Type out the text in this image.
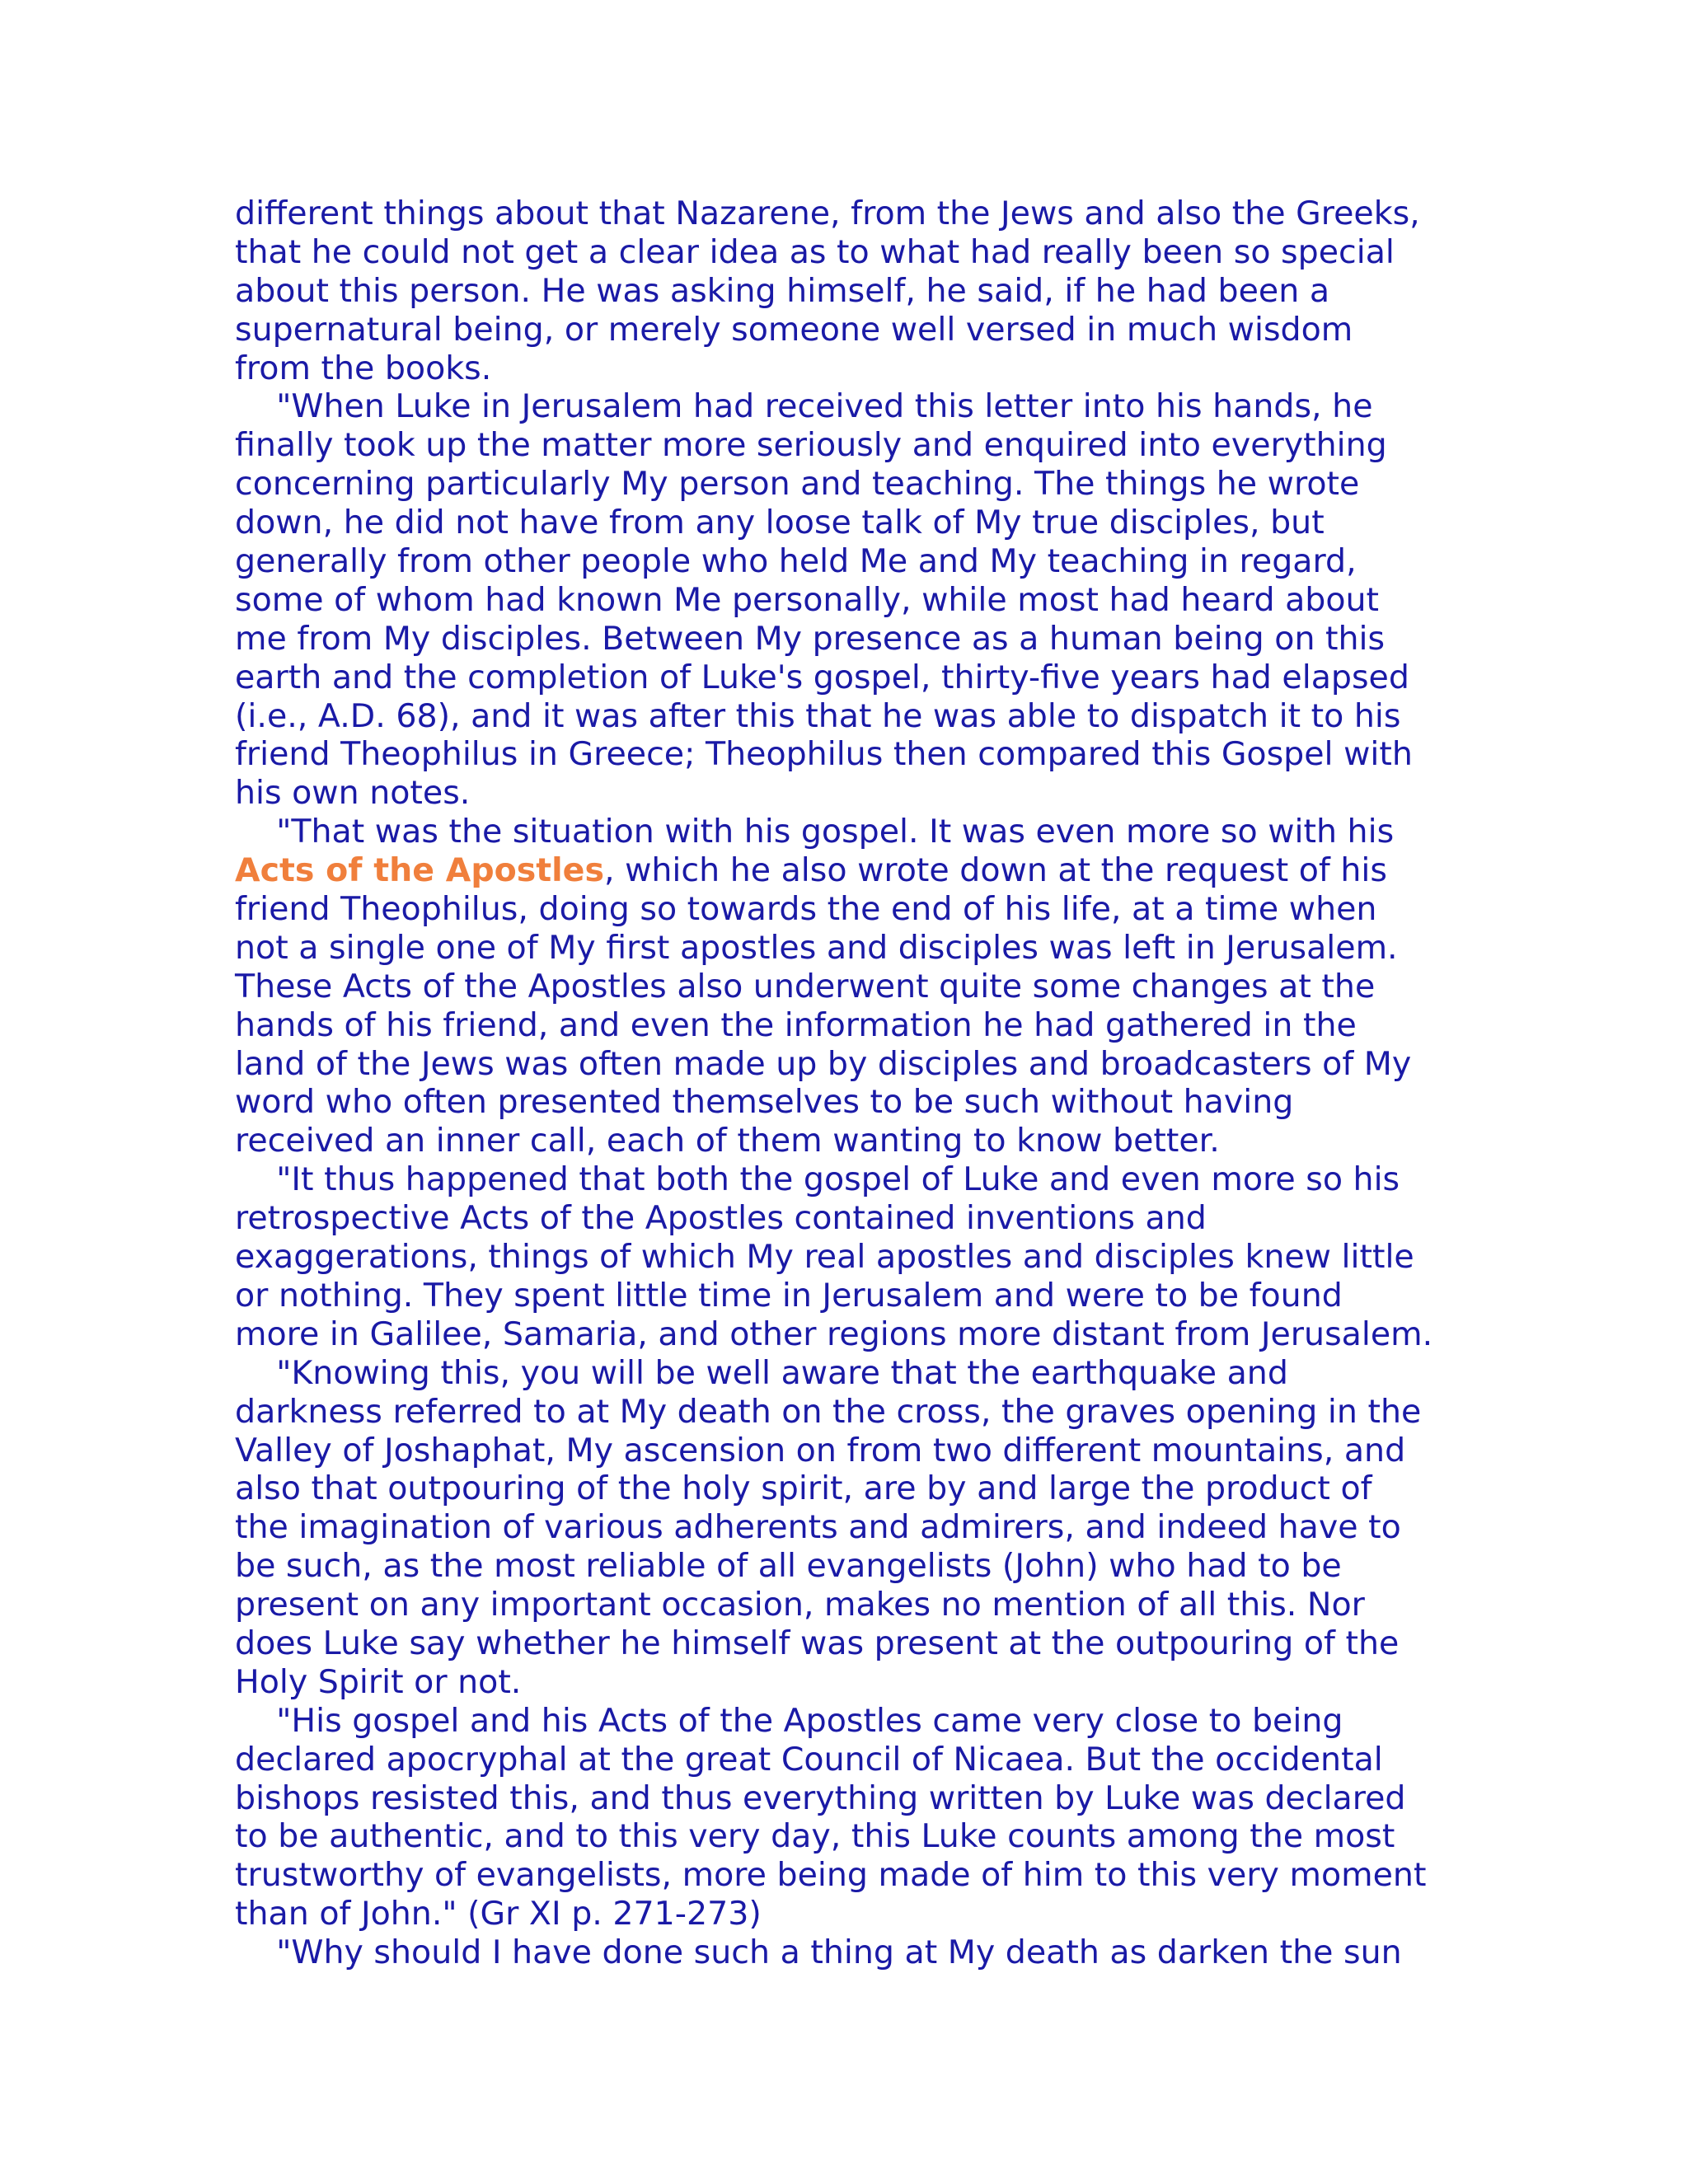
different things about that Nazarene, from the Jews and also the Greeks,
that he could not get a clear idea as to what had really been so special
about this person. He was asking himself, he said, if he had been a
supernatural being, or merely someone well versed in much wisdom
from the books.
"When Luke in Jerusalem had received this letter into his hands, he
finally took up the matter more seriously and enquired into everything
concerning particularly My person and teaching. The things he wrote
down, he did not have from any loose talk of My true disciples, but
generally from other people who held Me and My teaching in regard,
some of whom had known Me personally, while most had heard about
me from My disciples. Between My presence as a human being on this
earth and the completion of Luke's gospel, thirty-five years had elapsed
(i.e., A.D. 68), and it was after this that he was able to dispatch it to his
friend Theophilus in Greece; Theophilus then compared this Gospel with
his own notes.
"That was the situation with his gospel. It was even more so with his
Acts of the Apostles, which he also wrote down at the request of his
friend Theophilus, doing so towards the end of his life, at a time when
not a single one of My first apostles and disciples was left in Jerusalem.
These Acts of the Apostles also underwent quite some changes at the
hands of his friend, and even the information he had gathered in the
land of the Jews was often made up by disciples and broadcasters of My
word who often presented themselves to be such without having
received an inner call, each of them wanting to know better.
"It thus happened that both the gospel of Luke and even more so his
retrospective Acts of the Apostles contained inventions and
exaggerations, things of which My real apostles and disciples knew little
or nothing. They spent little time in Jerusalem and were to be found
more in Galilee, Samaria, and other regions more distant from Jerusalem.
"Knowing this, you will be well aware that the earthquake and
darkness referred to at My death on the cross, the graves opening in the
Valley of Joshaphat, My ascension on from two different mountains, and
also that outpouring of the holy spirit, are by and large the product of
the imagination of various adherents and admirers, and indeed have to
be such, as the most reliable of all evangelists (John) who had to be
present on any important occasion, makes no mention of all this. Nor
does Luke say whether he himself was present at the outpouring of the
Holy Spirit or not.
"His gospel and his Acts of the Apostles came very close to being
declared apocryphal at the great Council of Nicaea. But the occidental
bishops resisted this, and thus everything written by Luke was declared
to be authentic, and to this very day, this Luke counts among the most
trustworthy of evangelists, more being made of him to this very moment
than of John." (Gr XI p. 271-273)
"Why should I have done such a thing at My death as darken the sun
